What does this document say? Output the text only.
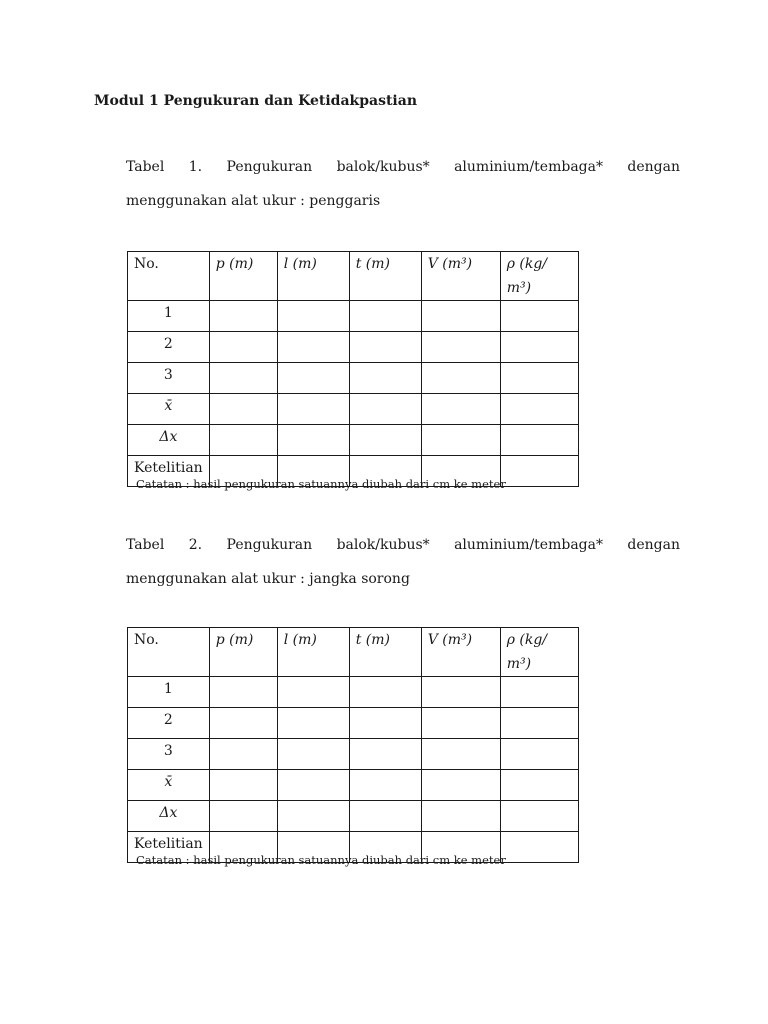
Modul 1 Pengukuran dan Ketidakpastian

Tabel 1. Pengukuran balok/kubus* aluminium/tembaga* dengan menggunakan alat ukur : penggaris

No.	p (m)	l (m)	t (m)	V (m³)	ρ (kg/ m³)
1					
2					
3					
x̄					
Δx					
Ketelitian					

Catatan : hasil pengukuran satuannya diubah dari cm ke meter

Tabel 2. Pengukuran balok/kubus* aluminium/tembaga* dengan menggunakan alat ukur : jangka sorong

No.	p (m)	l (m)	t (m)	V (m³)	ρ (kg/ m³)
1					
2					
3					
x̄					
Δx					
Ketelitian					

Catatan : hasil pengukuran satuannya diubah dari cm ke meter
